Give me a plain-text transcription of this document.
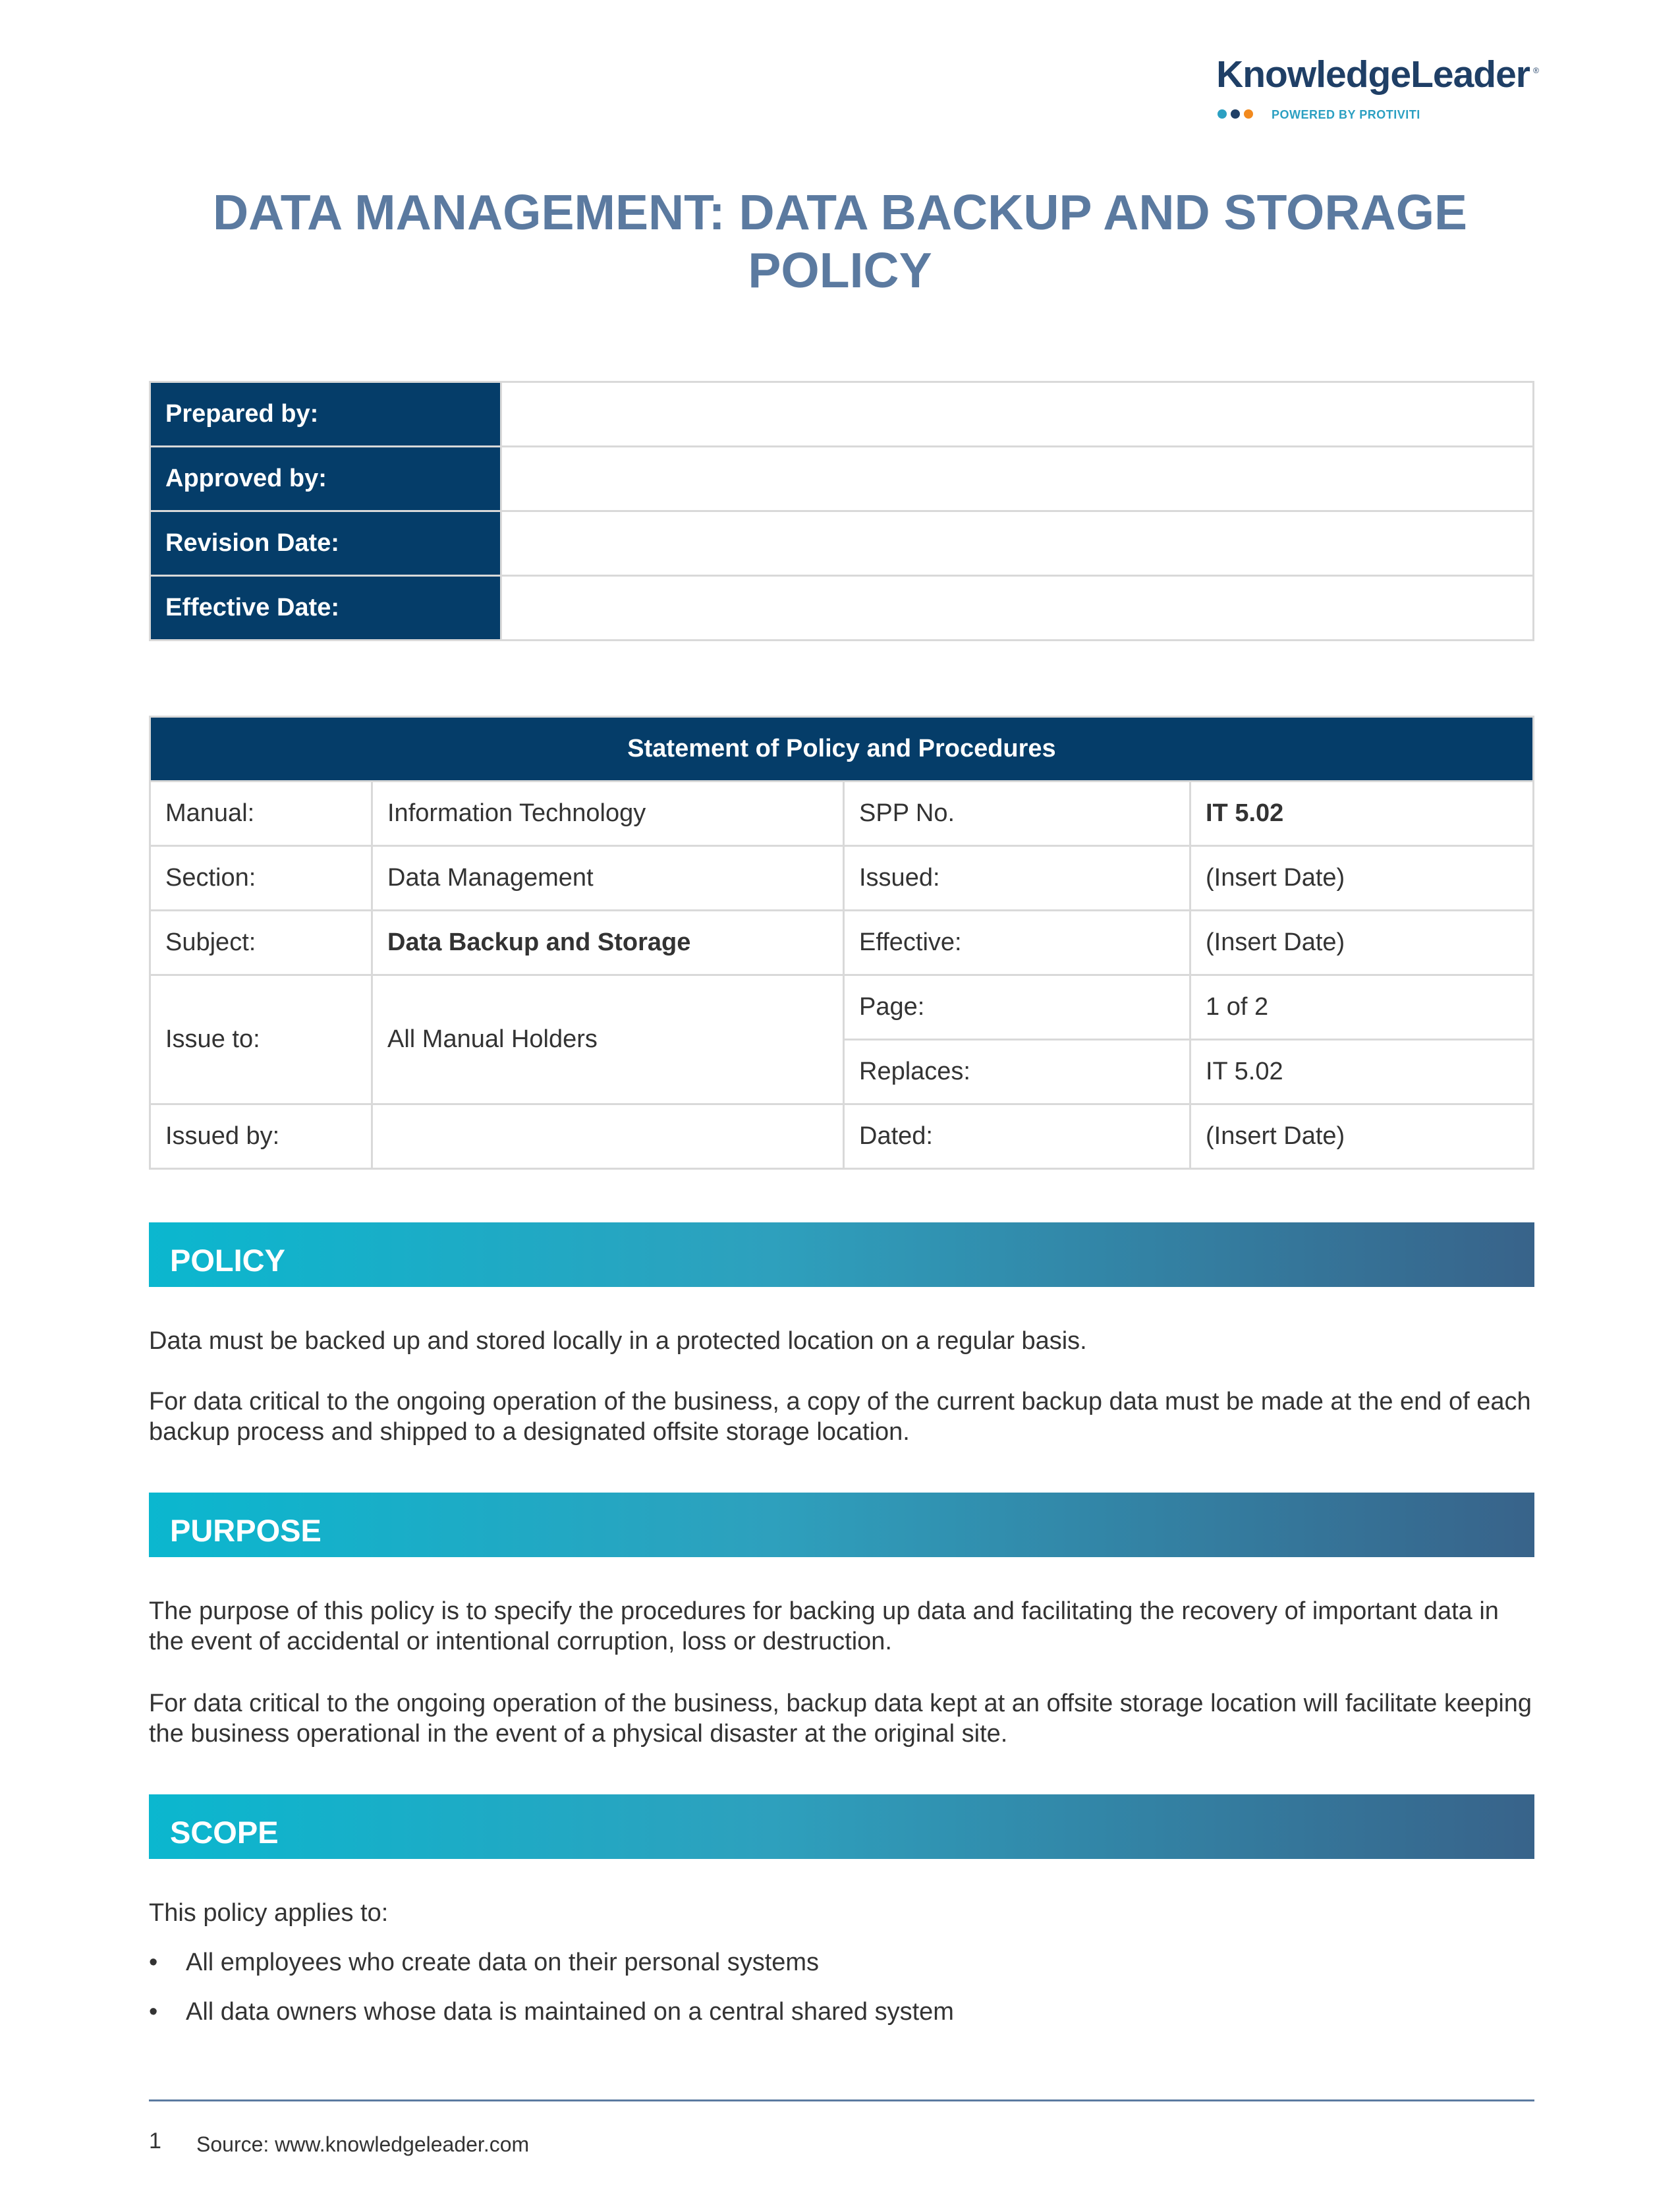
KnowledgeLeader ®
POWERED BY PROTIVITI
DATA MANAGEMENT: DATA BACKUP AND STORAGE POLICY
Prepared by:	
Approved by:	
Revision Date:	
Effective Date:	
Statement of Policy and Procedures			
Manual:	Information Technology	SPP No.	IT 5.02
Section:	Data Management	Issued:	(Insert Date)
Subject:	Data Backup and Storage	Effective:	(Insert Date)
Issue to:	All Manual Holders	Page:	1 of 2
		Replaces:	IT 5.02
Issued by:		Dated:	(Insert Date)
POLICY

Data must be backed up and stored locally in a protected location on a regular basis.

For data critical to the ongoing operation of the business, a copy of the current backup data must be made at the end of each backup process and shipped to a designated offsite storage location.

PURPOSE

The purpose of this policy is to specify the procedures for backing up data and facilitating the recovery of important data in the event of accidental or intentional corruption, loss or destruction.

For data critical to the ongoing operation of the business, backup data kept at an offsite storage location will facilitate keeping the business operational in the event of a physical disaster at the original site.

SCOPE

This policy applies to:

• All employees who create data on their personal systems
• All data owners whose data is maintained on a central shared system
1 Source: www.knowledgeleader.com
